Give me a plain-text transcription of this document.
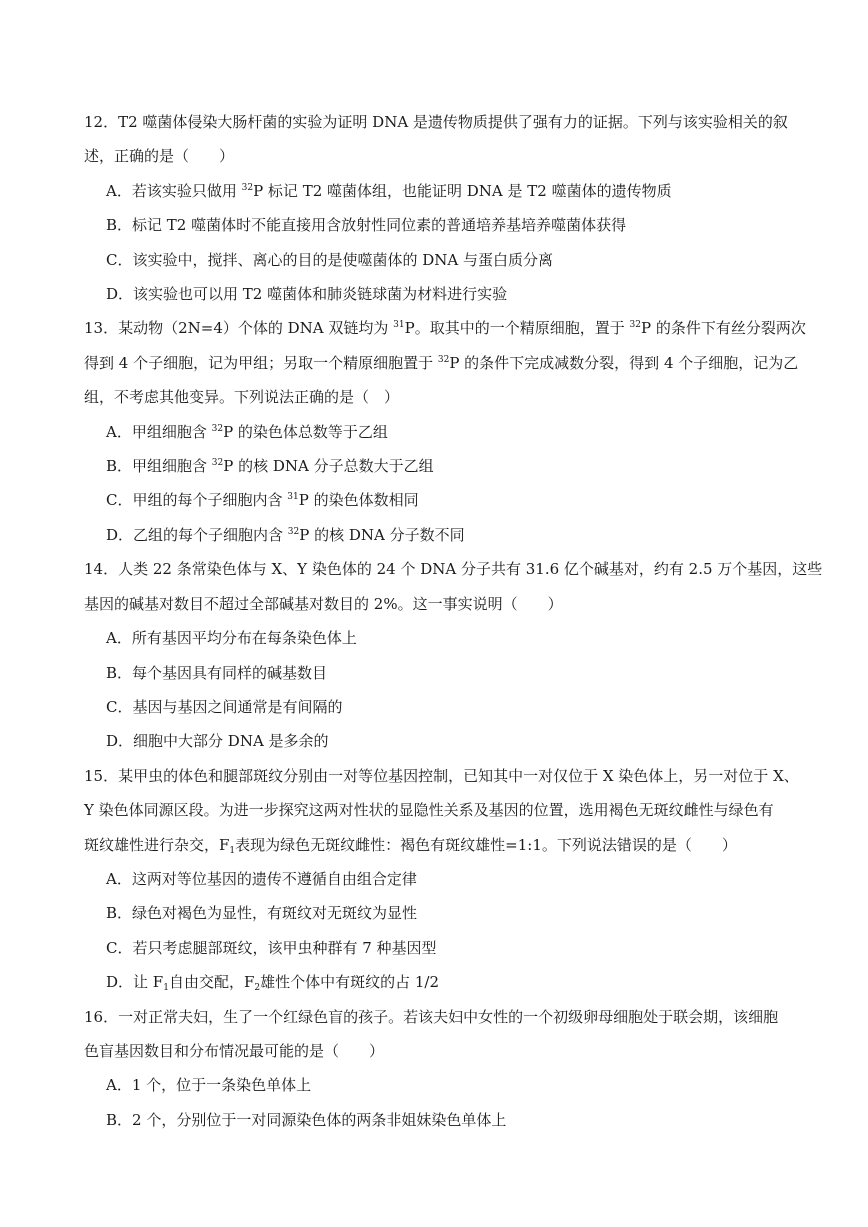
12．T2 噬菌体侵染大肠杆菌的实验为证明 DNA 是遗传物质提供了强有力的证据。下列与该实验相关的叙
述，正确的是（　　）
A．若该实验只做用 $^{32}$P 标记 T2 噬菌体组，也能证明 DNA 是 T2 噬菌体的遗传物质
B．标记 T2 噬菌体时不能直接用含放射性同位素的普通培养基培养噬菌体获得
C．该实验中，搅拌、离心的目的是使噬菌体的 DNA 与蛋白质分离
D．该实验也可以用 T2 噬菌体和肺炎链球菌为材料进行实验
13．某动物（2N=4）个体的 DNA 双链均为 $^{31}$P。取其中的一个精原细胞，置于 $^{32}$P 的条件下有丝分裂两次
得到 4 个子细胞，记为甲组；另取一个精原细胞置于 $^{32}$P 的条件下完成减数分裂，得到 4 个子细胞，记为乙
组，不考虑其他变异。下列说法正确的是（　）
A．甲组细胞含 $^{32}$P 的染色体总数等于乙组
B．甲组细胞含 $^{32}$P 的核 DNA 分子总数大于乙组
C．甲组的每个子细胞内含 $^{31}$P 的染色体数相同
D．乙组的每个子细胞内含 $^{32}$P 的核 DNA 分子数不同
14．人类 22 条常染色体与 X、Y 染色体的 24 个 DNA 分子共有 31.6 亿个碱基对，约有 2.5 万个基因，这些
基因的碱基对数目不超过全部碱基对数目的 2%。这一事实说明（　　）
A．所有基因平均分布在每条染色体上
B．每个基因具有同样的碱基数目
C．基因与基因之间通常是有间隔的
D．细胞中大部分 DNA 是多余的
15．某甲虫的体色和腿部斑纹分别由一对等位基因控制，已知其中一对仅位于 X 染色体上，另一对位于 X、
Y 染色体同源区段。为进一步探究这两对性状的显隐性关系及基因的位置，选用褐色无斑纹雌性与绿色有
斑纹雄性进行杂交，$F_1$表现为绿色无斑纹雌性：褐色有斑纹雄性=1:1。下列说法错误的是（　　）
A．这两对等位基因的遗传不遵循自由组合定律
B．绿色对褐色为显性，有斑纹对无斑纹为显性
C．若只考虑腿部斑纹，该甲虫种群有 7 种基因型
D．让 $F_1$自由交配，$F_2$雄性个体中有斑纹的占 1/2
16．一对正常夫妇，生了一个红绿色盲的孩子。若该夫妇中女性的一个初级卵母细胞处于联会期，该细胞
色盲基因数目和分布情况最可能的是（　　）
A．1 个，位于一条染色单体上
B．2 个，分别位于一对同源染色体的两条非姐妹染色单体上
